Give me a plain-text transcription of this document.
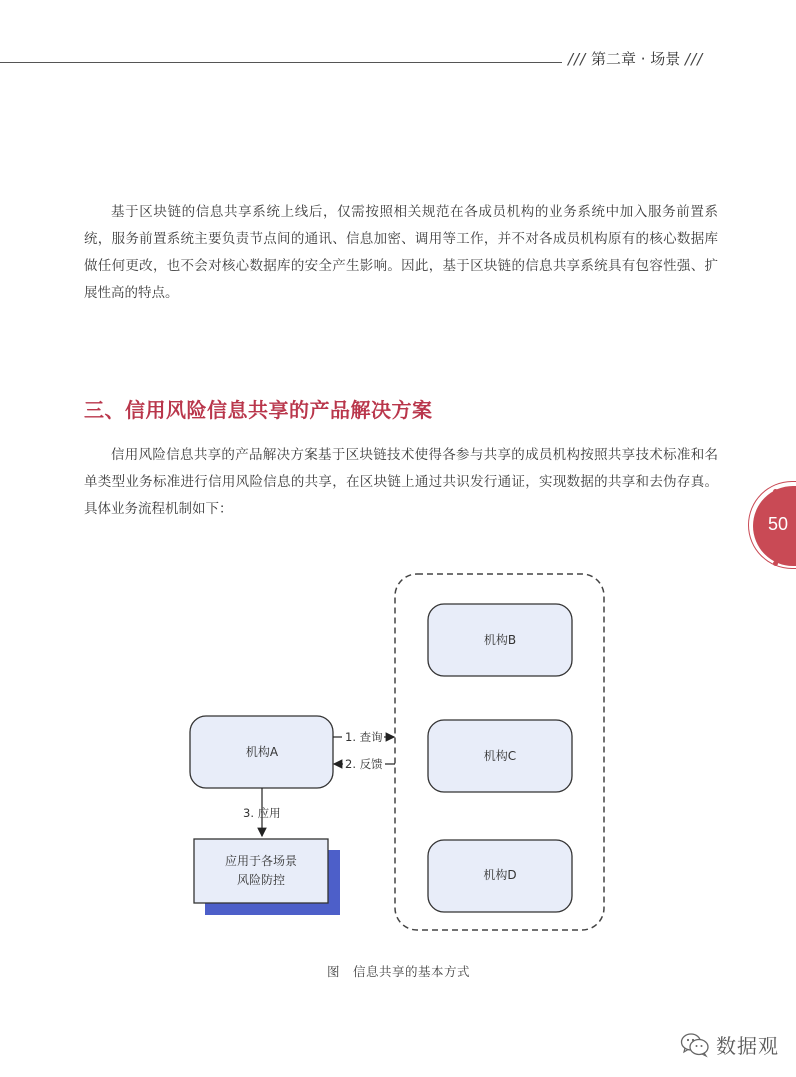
/// 第二章 · 场景 ///

基于区块链的信息共享系统上线后，仅需按照相关规范在各成员机构的业务系统中加入服务前置系统，服务前置系统主要负责节点间的通讯、信息加密、调用等工作，并不对各成员机构原有的核心数据库做任何更改，也不会对核心数据库的安全产生影响。因此，基于区块链的信息共享系统具有包容性强、扩展性高的特点。

三、信用风险信息共享的产品解决方案

信用风险信息共享的产品解决方案基于区块链技术使得各参与共享的成员机构按照共享技术标准和名单类型业务标准进行信用风险信息的共享，在区块链上通过共识发行通证，实现数据的共享和去伪存真。具体业务流程机制如下：

50
机构B
机构C
机构D
机构A
1. 查询
2. 反馈
3. 应用
应用于各场景
风险防控
图　信息共享的基本方式
数据观
